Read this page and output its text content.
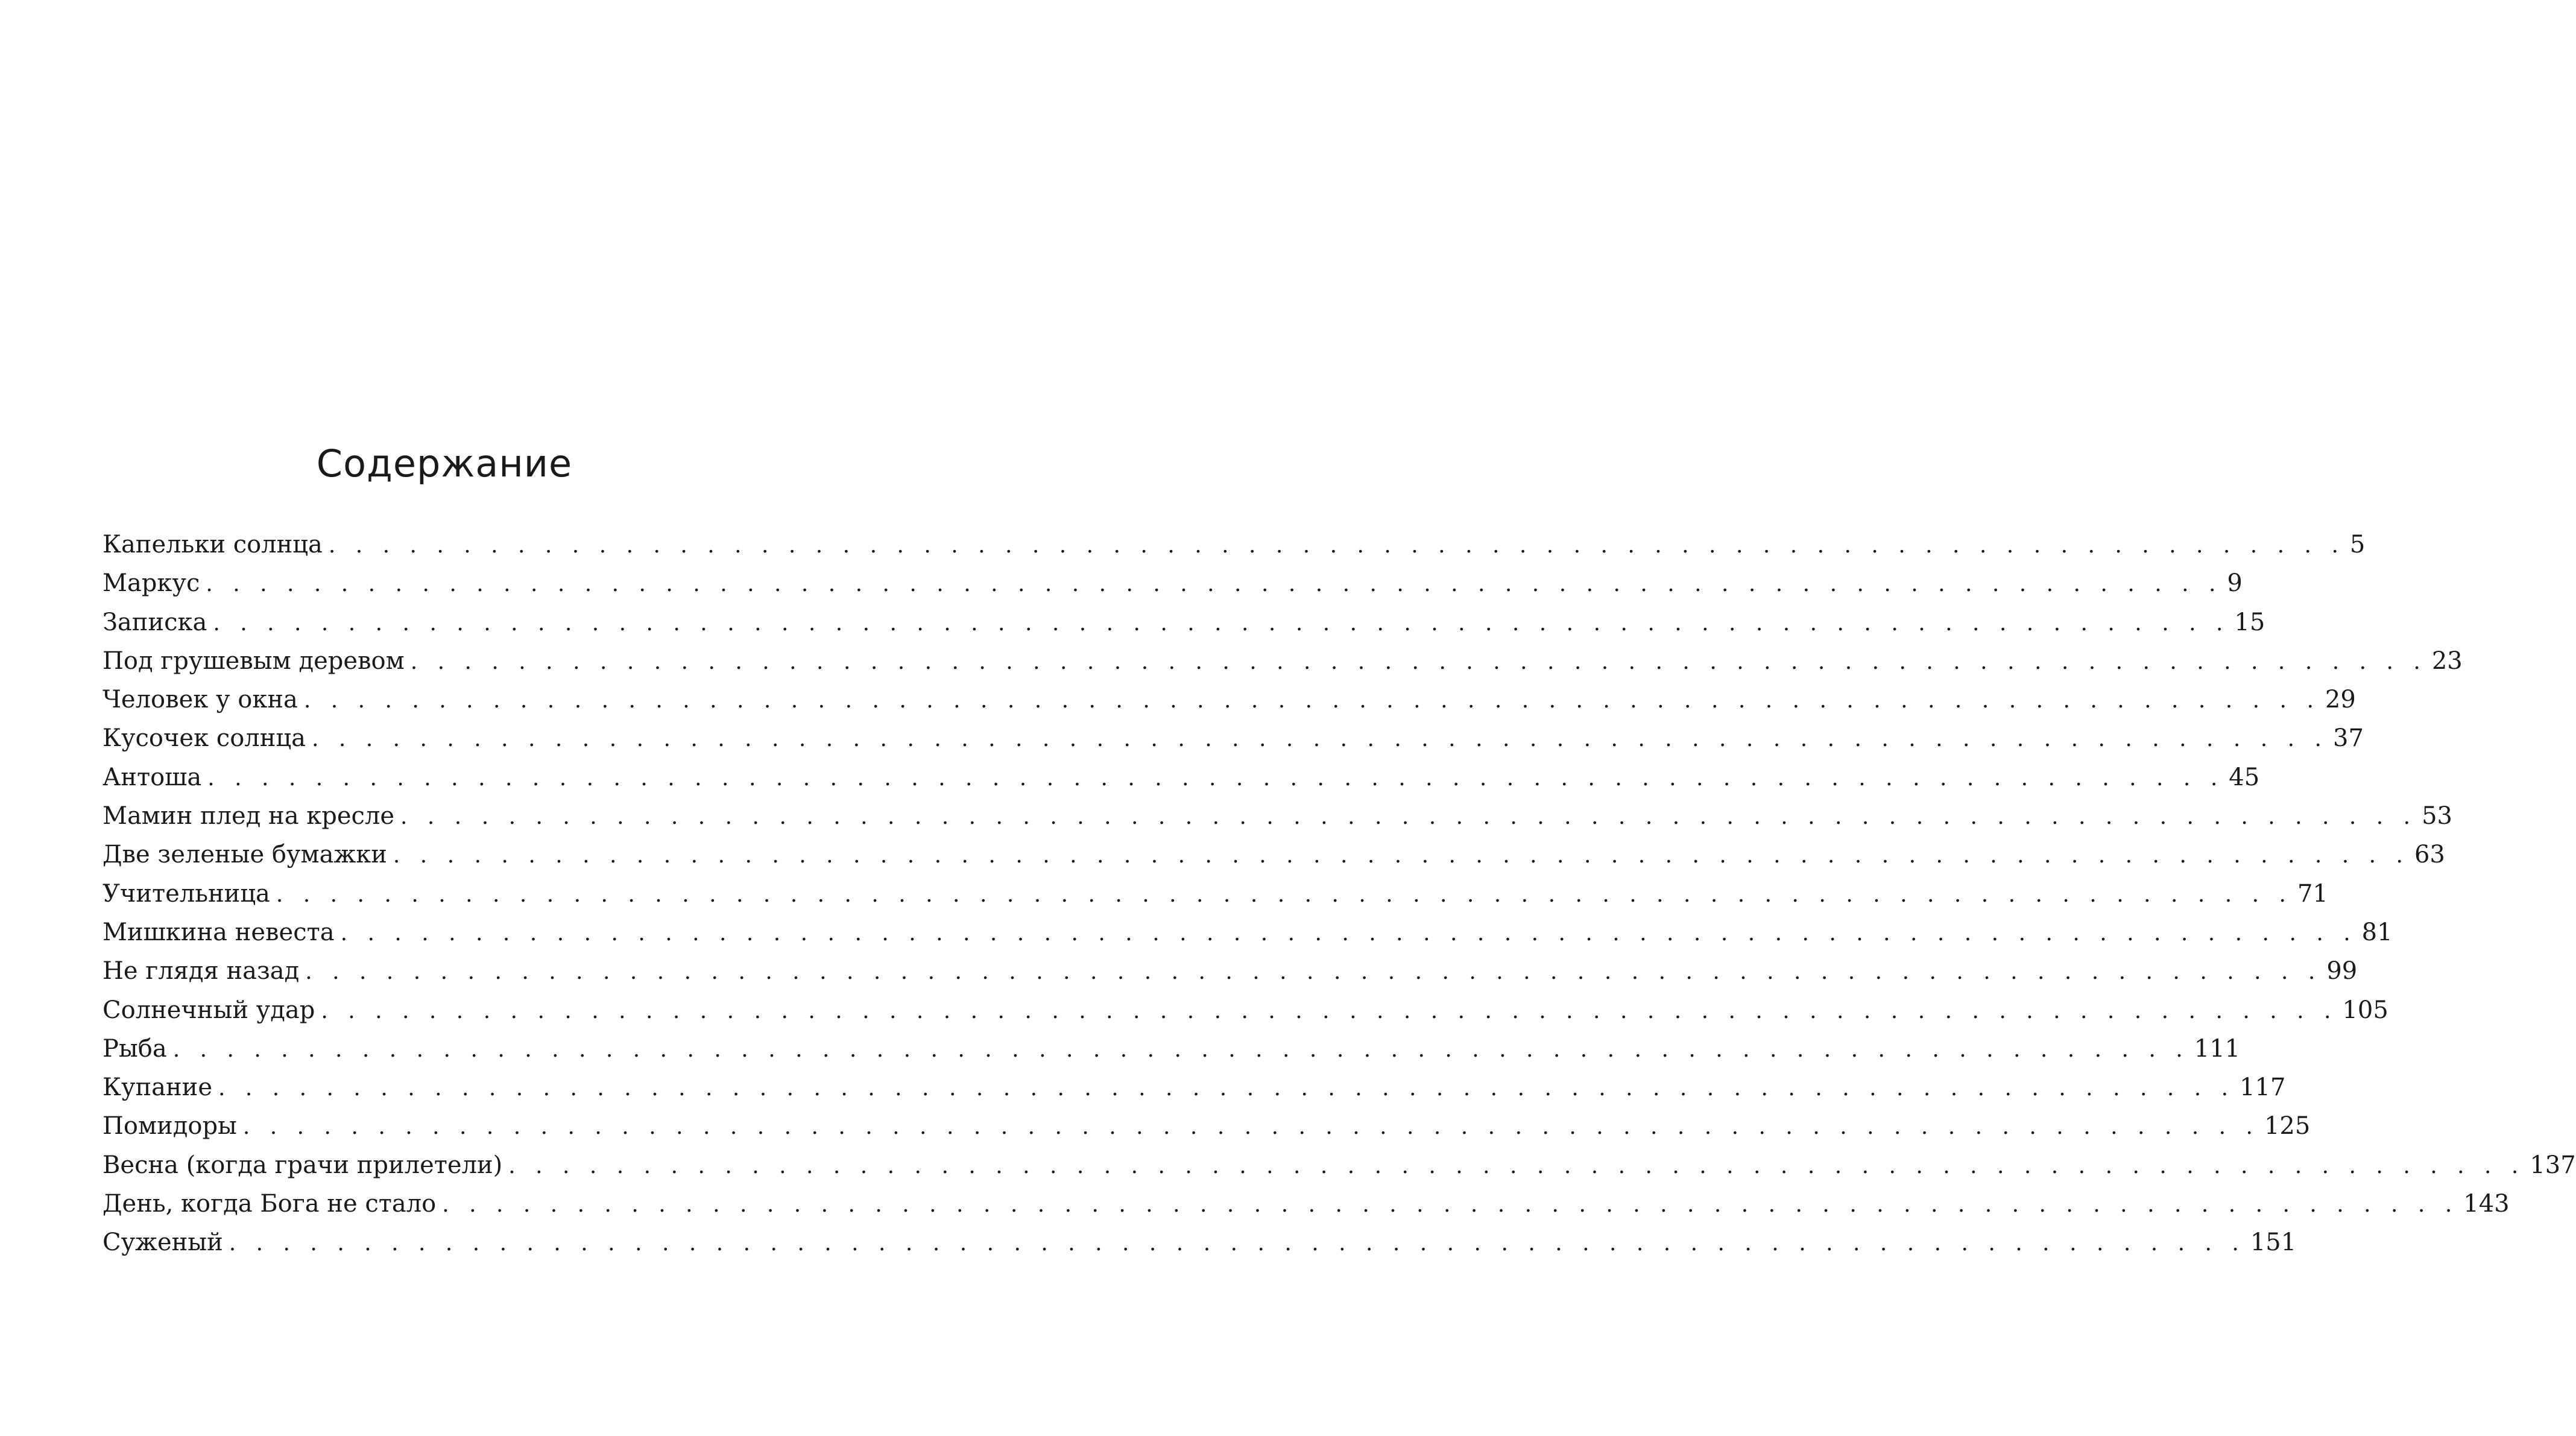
Содержание
Капельки солнца . . . . . . . . . . . . . . . . . . . . . . . . . . . . . . . . . . . . . . . . . . . . . . . . . . . . . . . . . . . . . . . . . . . . . . . . . . . 5
Маркус . . . . . . . . . . . . . . . . . . . . . . . . . . . . . . . . . . . . . . . . . . . . . . . . . . . . . . . . . . . . . . . . . . . . . . . . . . . 9
Записка . . . . . . . . . . . . . . . . . . . . . . . . . . . . . . . . . . . . . . . . . . . . . . . . . . . . . . . . . . . . . . . . . . . . . . . . . . . 15
Под грушевым деревом . . . . . . . . . . . . . . . . . . . . . . . . . . . . . . . . . . . . . . . . . . . . . . . . . . . . . . . . . . . . . . . . . . . . . . . . . . . 23
Человек у окна . . . . . . . . . . . . . . . . . . . . . . . . . . . . . . . . . . . . . . . . . . . . . . . . . . . . . . . . . . . . . . . . . . . . . . . . . . . 29
Кусочек солнца . . . . . . . . . . . . . . . . . . . . . . . . . . . . . . . . . . . . . . . . . . . . . . . . . . . . . . . . . . . . . . . . . . . . . . . . . . . 37
Антоша . . . . . . . . . . . . . . . . . . . . . . . . . . . . . . . . . . . . . . . . . . . . . . . . . . . . . . . . . . . . . . . . . . . . . . . . . . . 45
Мамин плед на кресле . . . . . . . . . . . . . . . . . . . . . . . . . . . . . . . . . . . . . . . . . . . . . . . . . . . . . . . . . . . . . . . . . . . . . . . . . . . 53
Две зеленые бумажки . . . . . . . . . . . . . . . . . . . . . . . . . . . . . . . . . . . . . . . . . . . . . . . . . . . . . . . . . . . . . . . . . . . . . . . . . . . 63
Учительница . . . . . . . . . . . . . . . . . . . . . . . . . . . . . . . . . . . . . . . . . . . . . . . . . . . . . . . . . . . . . . . . . . . . . . . . . . . 71
Мишкина невеста . . . . . . . . . . . . . . . . . . . . . . . . . . . . . . . . . . . . . . . . . . . . . . . . . . . . . . . . . . . . . . . . . . . . . . . . . . . 81
Не глядя назад . . . . . . . . . . . . . . . . . . . . . . . . . . . . . . . . . . . . . . . . . . . . . . . . . . . . . . . . . . . . . . . . . . . . . . . . . . . 99
Солнечный удар . . . . . . . . . . . . . . . . . . . . . . . . . . . . . . . . . . . . . . . . . . . . . . . . . . . . . . . . . . . . . . . . . . . . . . . . . . . 105
Рыба . . . . . . . . . . . . . . . . . . . . . . . . . . . . . . . . . . . . . . . . . . . . . . . . . . . . . . . . . . . . . . . . . . . . . . . . . . . 111
Купание . . . . . . . . . . . . . . . . . . . . . . . . . . . . . . . . . . . . . . . . . . . . . . . . . . . . . . . . . . . . . . . . . . . . . . . . . . . 117
Помидоры . . . . . . . . . . . . . . . . . . . . . . . . . . . . . . . . . . . . . . . . . . . . . . . . . . . . . . . . . . . . . . . . . . . . . . . . . . . 125
Весна (когда грачи прилетели) . . . . . . . . . . . . . . . . . . . . . . . . . . . . . . . . . . . . . . . . . . . . . . . . . . . . . . . . . . . . . . . . . . . . . . . . . . . 137
День, когда Бога не стало . . . . . . . . . . . . . . . . . . . . . . . . . . . . . . . . . . . . . . . . . . . . . . . . . . . . . . . . . . . . . . . . . . . . . . . . . . . 143
Суженый . . . . . . . . . . . . . . . . . . . . . . . . . . . . . . . . . . . . . . . . . . . . . . . . . . . . . . . . . . . . . . . . . . . . . . . . . . . 151
